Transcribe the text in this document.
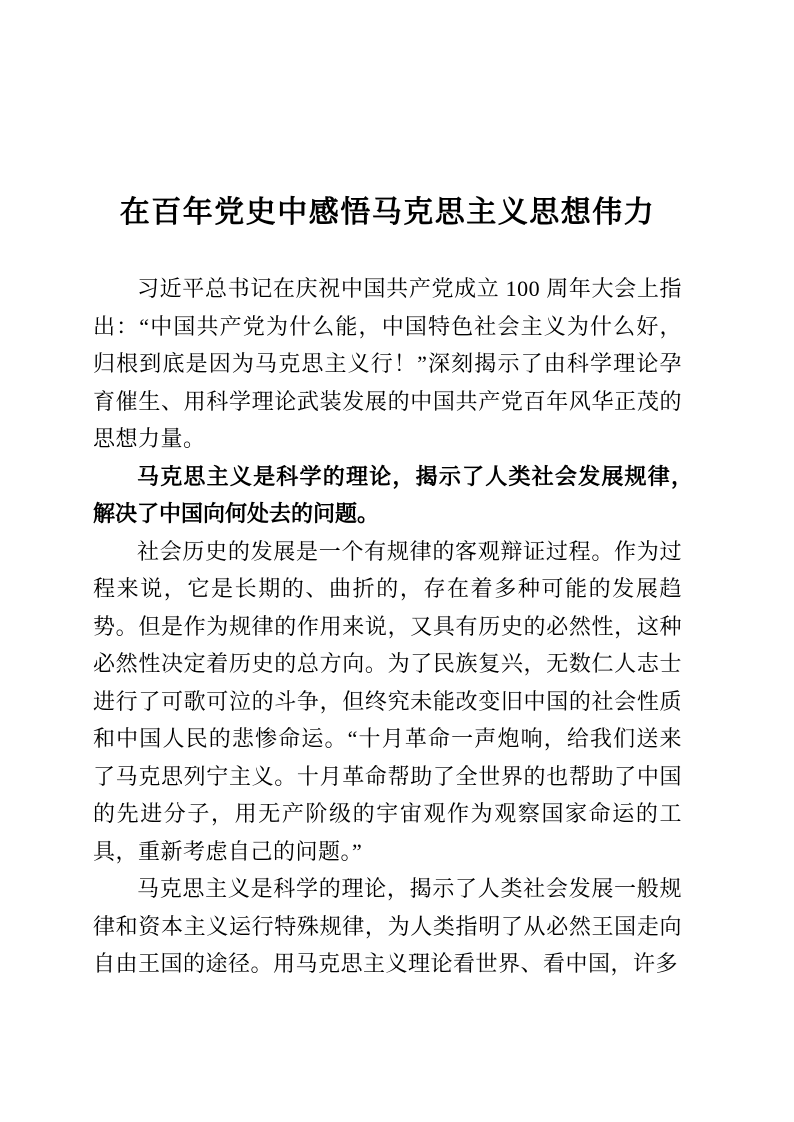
在百年党史中感悟马克思主义思想伟力

习近平总书记在庆祝中国共产党成立 100 周年大会上指出：“中国共产党为什么能，中国特色社会主义为什么好，归根到底是因为马克思主义行！”深刻揭示了由科学理论孕育催生、用科学理论武装发展的中国共产党百年风华正茂的思想力量。

马克思主义是科学的理论，揭示了人类社会发展规律，　解决了中国向何处去的问题。

社会历史的发展是一个有规律的客观辩证过程。作为过程来说，它是长期的、曲折的，存在着多种可能的发展趋势。但是作为规律的作用来说，又具有历史的必然性，这种必然性决定着历史的总方向。为了民族复兴，无数仁人志士进行了可歌可泣的斗争，但终究未能改变旧中国的社会性质和中国人民的悲惨命运。“十月革命一声炮响，给我们送来了马克思列宁主义。十月革命帮助了全世界的也帮助了中国的先进分子，用无产阶级的宇宙观作为观察国家命运的工具，重新考虑自己的问题。”

马克思主义是科学的理论，揭示了人类社会发展一般规律和资本主义运行特殊规律，为人类指明了从必然王国走向自由王国的途径。用马克思主义理论看世界、看中国，许多
